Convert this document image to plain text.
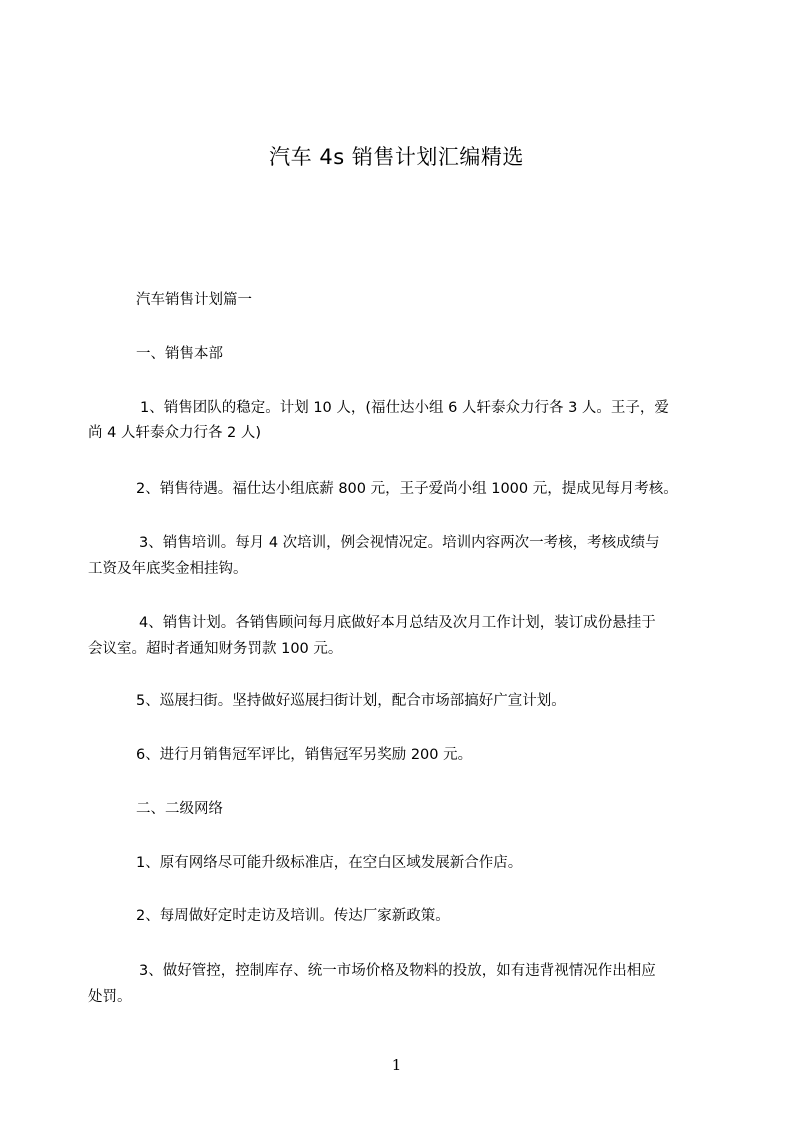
汽车 4s 销售计划汇编精选

汽车销售计划篇一

一、销售本部

1、销售团队的稳定。计划 10 人，(福仕达小组 6 人轩泰众力行各 3 人。王子，爱

尚 4 人轩泰众力行各 2 人)

2、销售待遇。福仕达小组底薪 800 元，王子爱尚小组 1000 元，提成见每月考核。

3、销售培训。每月 4 次培训，例会视情况定。培训内容两次一考核，考核成绩与

工资及年底奖金相挂钩。

4、销售计划。各销售顾问每月底做好本月总结及次月工作计划，装订成份悬挂于

会议室。超时者通知财务罚款 100 元。

5、巡展扫街。坚持做好巡展扫街计划，配合市场部搞好广宣计划。

6、进行月销售冠军评比，销售冠军另奖励 200 元。

二、二级网络

1、原有网络尽可能升级标准店，在空白区域发展新合作店。

2、每周做好定时走访及培训。传达厂家新政策。

3、做好管控，控制库存、统一市场价格及物料的投放，如有违背视情况作出相应

处罚。

1
